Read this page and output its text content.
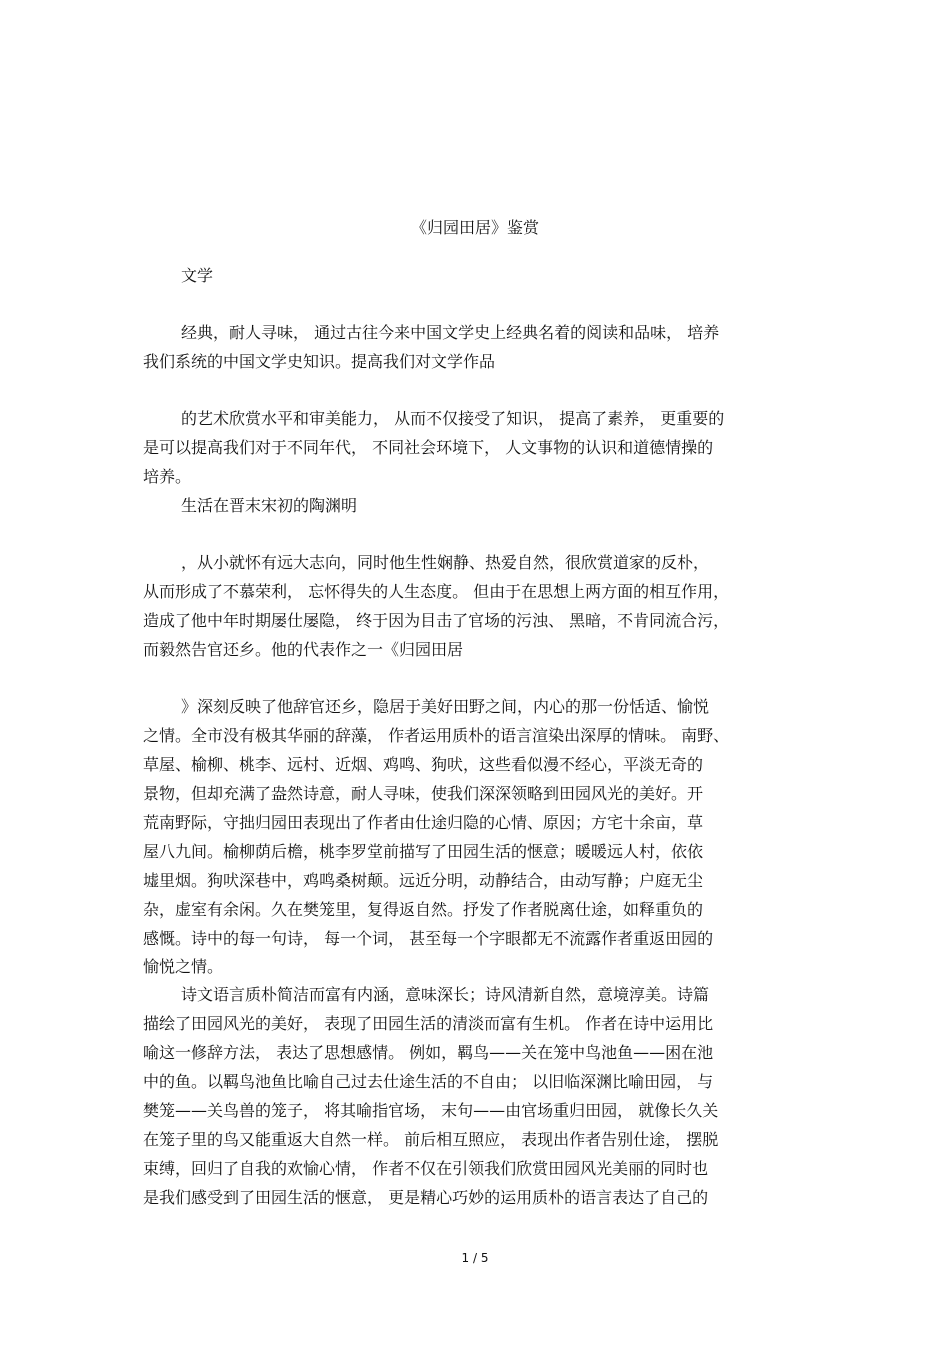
《归园田居》鉴赏
文学
经典，耐人寻味， 通过古往今来中国文学史上经典名着的阅读和品味， 培养
我们系统的中国文学史知识。提高我们对文学作品
的艺术欣赏水平和审美能力， 从而不仅接受了知识， 提高了素养， 更重要的
是可以提高我们对于不同年代， 不同社会环境下， 人文事物的认识和道德情操的
培养。
生活在晋末宋初的陶渊明
，从小就怀有远大志向，同时他生性娴静、热爱自然，很欣赏道家的反朴，
从而形成了不慕荣利， 忘怀得失的人生态度。 但由于在思想上两方面的相互作用，
造成了他中年时期屡仕屡隐， 终于因为目击了官场的污浊、 黑暗，不肯同流合污，
而毅然告官还乡。他的代表作之一《归园田居
》深刻反映了他辞官还乡，隐居于美好田野之间，内心的那一份恬适、愉悦
之情。全市没有极其华丽的辞藻， 作者运用质朴的语言渲染出深厚的情味。 南野、
草屋、榆柳、桃李、远村、近烟、鸡鸣、狗吠，这些看似漫不经心，平淡无奇的
景物，但却充满了盎然诗意，耐人寻味，使我们深深领略到田园风光的美好。开
荒南野际，守拙归园田表现出了作者由仕途归隐的心情、原因；方宅十余亩，草
屋八九间。榆柳荫后檐，桃李罗堂前描写了田园生活的惬意；暖暖远人村，依依
墟里烟。狗吠深巷中，鸡鸣桑树颠。远近分明，动静结合，由动写静；户庭无尘
杂，虚室有余闲。久在樊笼里，复得返自然。抒发了作者脱离仕途，如释重负的
感慨。诗中的每一句诗， 每一个词， 甚至每一个字眼都无不流露作者重返田园的
愉悦之情。
诗文语言质朴简洁而富有内涵，意味深长；诗风清新自然，意境淳美。诗篇
描绘了田园风光的美好， 表现了田园生活的清淡而富有生机。 作者在诗中运用比
喻这一修辞方法， 表达了思想感情。 例如，羁鸟——关在笼中鸟池鱼——困在池
中的鱼。以羁鸟池鱼比喻自己过去仕途生活的不自由； 以旧临深渊比喻田园， 与
樊笼——关鸟兽的笼子， 将其喻指官场， 末句——由官场重归田园， 就像长久关
在笼子里的鸟又能重返大自然一样。 前后相互照应， 表现出作者告别仕途， 摆脱
束缚，回归了自我的欢愉心情， 作者不仅在引领我们欣赏田园风光美丽的同时也
是我们感受到了田园生活的惬意， 更是精心巧妙的运用质朴的语言表达了自己的
1 / 5
